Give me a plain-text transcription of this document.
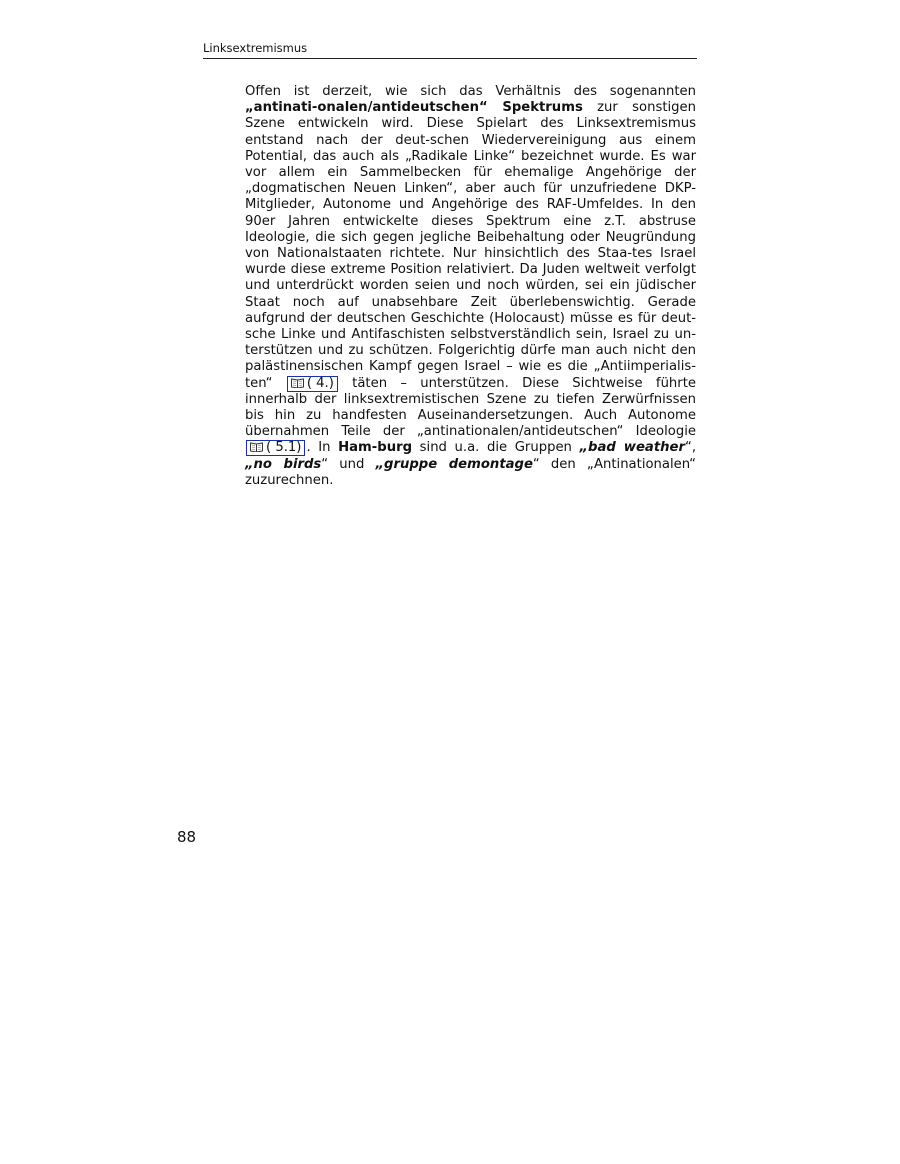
Linksextremismus

Offen ist derzeit, wie sich das Verhältnis des sogenannten „antinati-onalen/antideutschen“ Spektrums zur sonstigen Szene entwickeln wird. Diese Spielart des Linksextremismus entstand nach der deut-schen Wiedervereinigung aus einem Potential, das auch als „Radikale Linke“ bezeichnet wurde. Es war vor allem ein Sammelbecken für ehemalige Angehörige der „dogmatischen Neuen Linken“, aber auch für unzufriedene DKP-Mitglieder, Autonome und Angehörige des RAF-Umfeldes. In den 90er Jahren entwickelte dieses Spektrum eine z.T. abstruse Ideologie, die sich gegen jegliche Beibehaltung oder Neugründung von Nationalstaaten richtete. Nur hinsichtlich des Staa-tes Israel wurde diese extreme Position relativiert. Da Juden weltweit verfolgt und unterdrückt worden seien und noch würden, sei ein jüdischer Staat noch auf unabsehbare Zeit überlebenswichtig. Gerade aufgrund der deutschen Geschichte (Holocaust) müsse es für deut-sche Linke und Antifaschisten selbstverständlich sein, Israel zu un-terstützen und zu schützen. Folgerichtig dürfe man auch nicht den palästinensischen Kampf gegen Israel – wie es die „Antiimperialis-ten“ ( 4.) täten – unterstützen. Diese Sichtweise führte innerhalb der linksextremistischen Szene zu tiefen Zerwürfnissen bis hin zu handfesten Auseinandersetzungen. Auch Autonome übernahmen Teile der „antinationalen/antideutschen“ Ideologie ( 5.1) . In Ham-burg sind u.a. die Gruppen „bad weather“, „no birds“ und „gruppe demontage“ den „Antinationalen“ zuzurechnen.

88
